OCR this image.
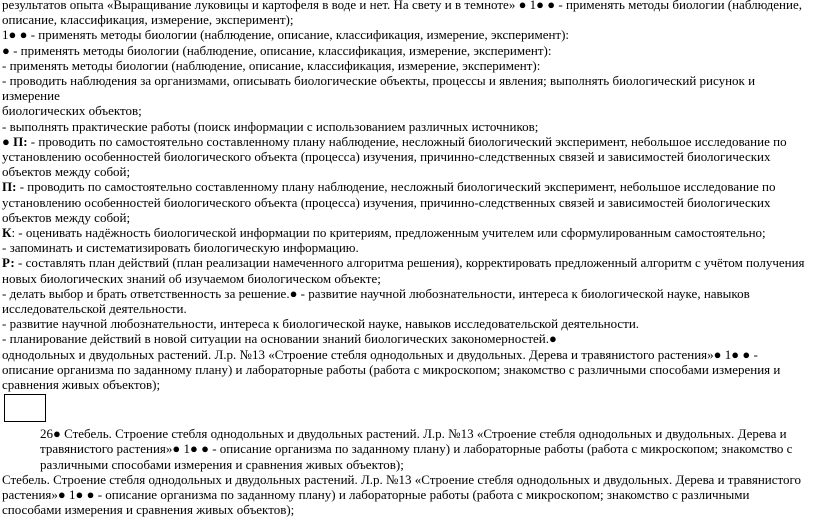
результатов опыта «Выращивание луковицы и картофеля в воде и нет. На свету и в темноте» ● 1● ● - применять методы биологии (наблюдение,
описание, классификация, измерение, эксперимент);
1● ● - применять методы биологии (наблюдение, описание, классификация, измерение, эксперимент):
● - применять методы биологии (наблюдение, описание, классификация, измерение, эксперимент):
- применять методы биологии (наблюдение, описание, классификация, измерение, эксперимент):
- проводить наблюдения за организмами, описывать биологические объекты, процессы и явления; выполнять биологический рисунок и измерение
биологических объектов;
- выполнять практические работы (поиск информации с использованием различных источников;
● П: - проводить по самостоятельно составленному плану наблюдение, несложный биологический эксперимент, небольшое исследование по установлению особенностей биологического объекта (процесса) изучения, причинно-следственных связей и зависимостей биологических объектов между собой;
П: - проводить по самостоятельно составленному плану наблюдение, несложный биологический эксперимент, небольшое исследование по установлению особенностей биологического объекта (процесса) изучения, причинно-следственных связей и зависимостей биологических объектов между собой;
К: - оценивать надёжность биологической информации по критериям, предложенным учителем или сформулированным самостоятельно;
- запоминать и систематизировать биологическую информацию.
Р: - составлять план действий (план реализации намеченного алгоритма решения), корректировать предложенный алгоритм с учётом получения новых биологических знаний об изучаемом биологическом объекте;
- делать выбор и брать ответственность за решение.● - развитие научной любознательности, интереса к биологической науке, навыков исследовательской деятельности.
- развитие научной любознательности, интереса к биологической науке, навыков исследовательской деятельности.
- планирование действий в новой ситуации на основании знаний биологических закономерностей.●
однодольных и двудольных растений. Л.р. №13 «Строение стебля однодольных и двудольных. Дерева и травянистого растения»● 1● ● - описание организма по заданному плану) и лабораторные работы (работа с микроскопом; знакомство с различными способами измерения и сравнения живых объектов);
26● Стебель. Строение стебля однодольных и двудольных растений. Л.р. №13 «Строение стебля однодольных и двудольных. Дерева и травянистого растения»● 1● ● - описание организма по заданному плану) и лабораторные работы (работа с микроскопом; знакомство с различными способами измерения и сравнения живых объектов);
Стебель. Строение стебля однодольных и двудольных растений. Л.р. №13 «Строение стебля однодольных и двудольных. Дерева и травянистого растения»● 1● ● - описание организма по заданному плану) и лабораторные работы (работа с микроскопом; знакомство с различными способами измерения и сравнения живых объектов);
